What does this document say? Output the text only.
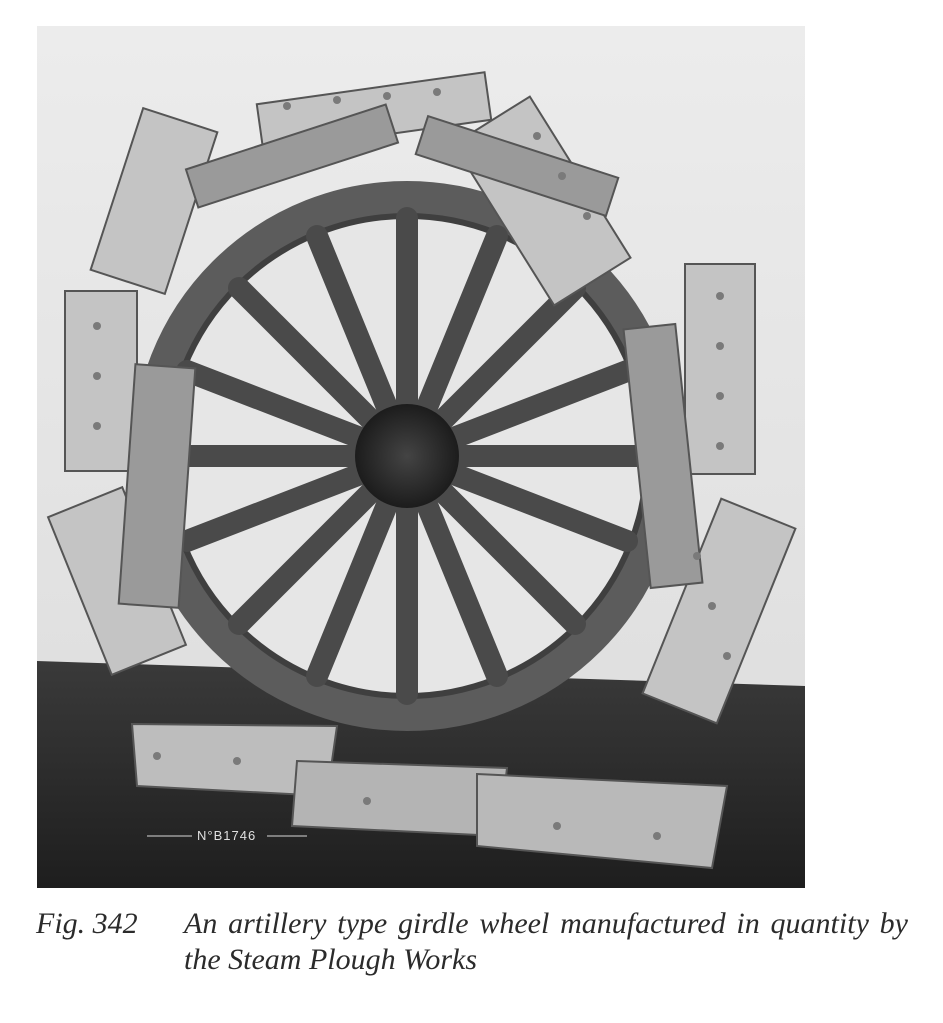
N°B1746
Fig. 342	An artillery type girdle wheel manufactured in quantity by the Steam Plough Works
